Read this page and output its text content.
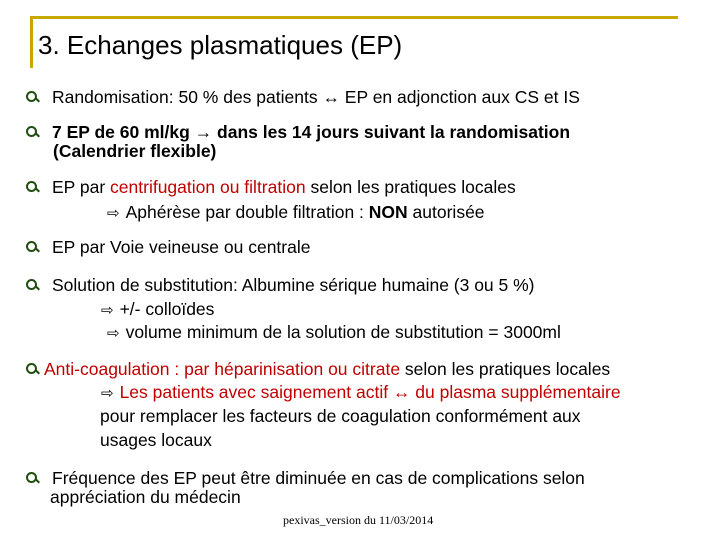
3. Echanges plasmatiques (EP)
Randomisation: 50 % des patients ↔ EP en adjonction aux CS et IS
7 EP de 60 ml/kg → dans les 14 jours suivant la randomisation
(Calendrier flexible)
EP par centrifugation ou filtration selon les pratiques locales
⇨ Aphérèse par double filtration : NON autorisée
EP par Voie veineuse ou centrale
Solution de substitution: Albumine sérique humaine (3 ou 5 %)
⇨ +/- colloïdes
⇨ volume minimum de la solution de substitution = 3000ml
Anti-coagulation : par héparinisation ou citrate selon les pratiques locales
⇨ Les patients avec saignement actif ↔ du plasma supplémentaire
pour remplacer les facteurs de coagulation conformément aux
usages locaux
Fréquence des EP peut être diminuée en cas de complications selon
appréciation du médecin
pexivas_version du 11/03/2014
